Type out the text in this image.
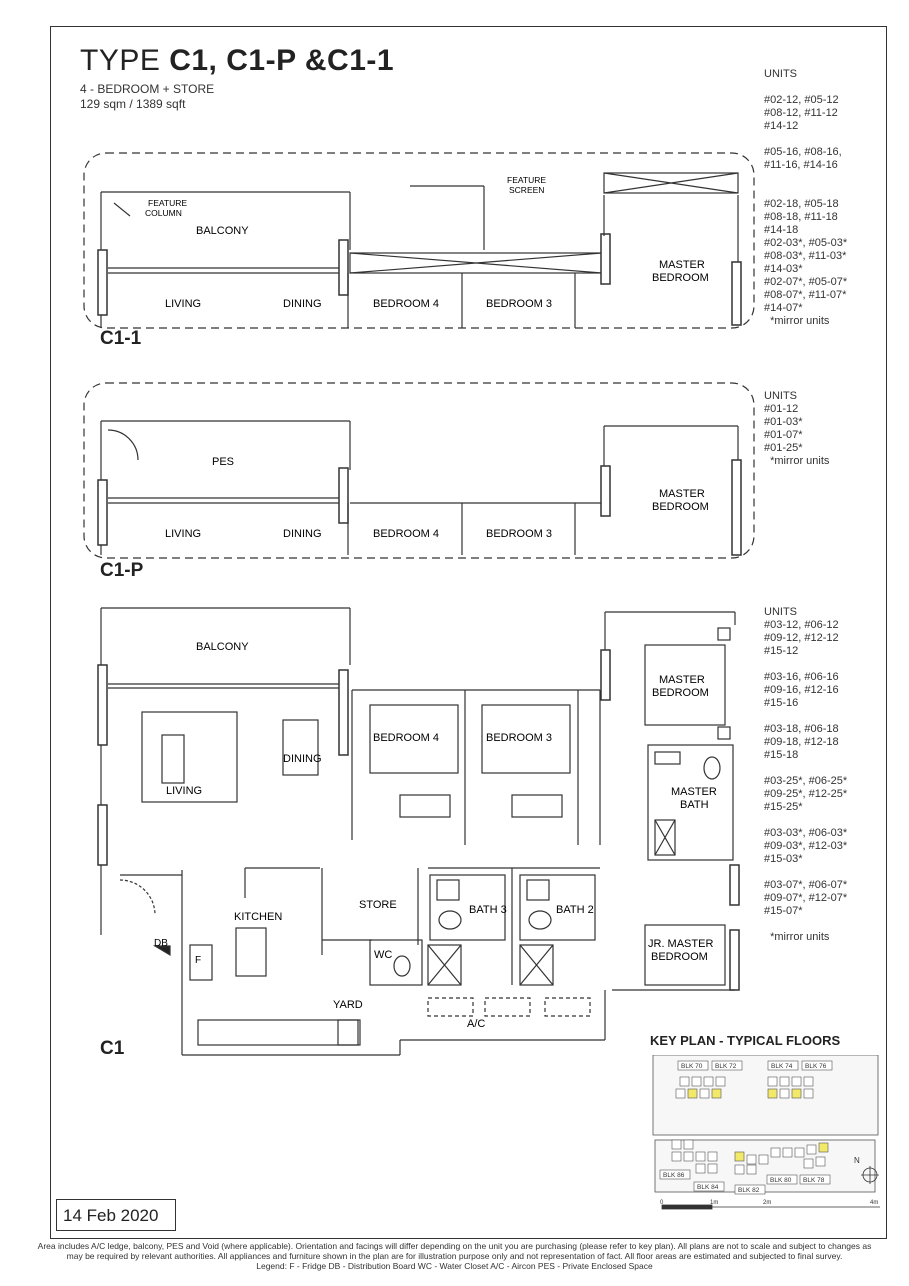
TYPE C1, C1-P &C1-1
4 - BEDROOM + STORE
129 sqm / 1389 sqft
UNITS

#02-12, #05-12
#08-12, #11-12
#14-12

#05-16, #08-16,
#11-16, #14-16

#02-18, #05-18
#08-18, #11-18
#14-18
#02-03*, #05-03*
#08-03*, #11-03*
#14-03*
#02-07*, #05-07*
#08-07*, #11-07*
#14-07*
*mirror units
UNITS
#01-12
#01-03*
#01-07*
#01-25*
*mirror units
UNITS
#03-12, #06-12
#09-12, #12-12
#15-12

#03-16, #06-16
#09-16, #12-16
#15-16

#03-18, #06-18
#09-18, #12-18
#15-18

#03-25*, #06-25*
#09-25*, #12-25*
#15-25*

#03-03*, #06-03*
#09-03*, #12-03*
#15-03*

#03-07*, #06-07*
#09-07*, #12-07*
#15-07*

*mirror units
FEATURE
COLUMN
FEATURE
SCREEN
BALCONY
LIVING	DINING	BEDROOM 4	BEDROOM 3
MASTER
BEDROOM
PES
LIVING	DINING	BEDROOM 4	BEDROOM 3
MASTER
BEDROOM
BALCONY
LIVING
DINING
BEDROOM 4	BEDROOM 3
MASTER
BEDROOM
MASTER
BATH
KITCHEN
STORE	BATH 3	BATH 2
WC
YARD
A/C
DB
F
JR. MASTER
BEDROOM
C1-1
C1-P
C1	KEY PLAN - TYPICAL FLOORS
BLK 70 BLK 72	BLK 74 BLK 76
BLK 86
BLK 84	BLK 82
BLK 80 BLK 78
N
0	1m	2m	4m
14 Feb 2020
Area includes A/C ledge, balcony, PES and Void (where applicable). Orientation and facings will differ depending on the unit you are purchasing (please refer to key plan). All plans are not to scale and subject to changes as
may be required by relevant authorities. All appliances and furniture shown in the plan are for illustration purpose only and not representation of fact. All floor areas are estimated and subjected to final survey.
Legend: F - Fridge DB - Distribution Board WC - Water Closet A/C - Aircon PES - Private Enclosed Space
